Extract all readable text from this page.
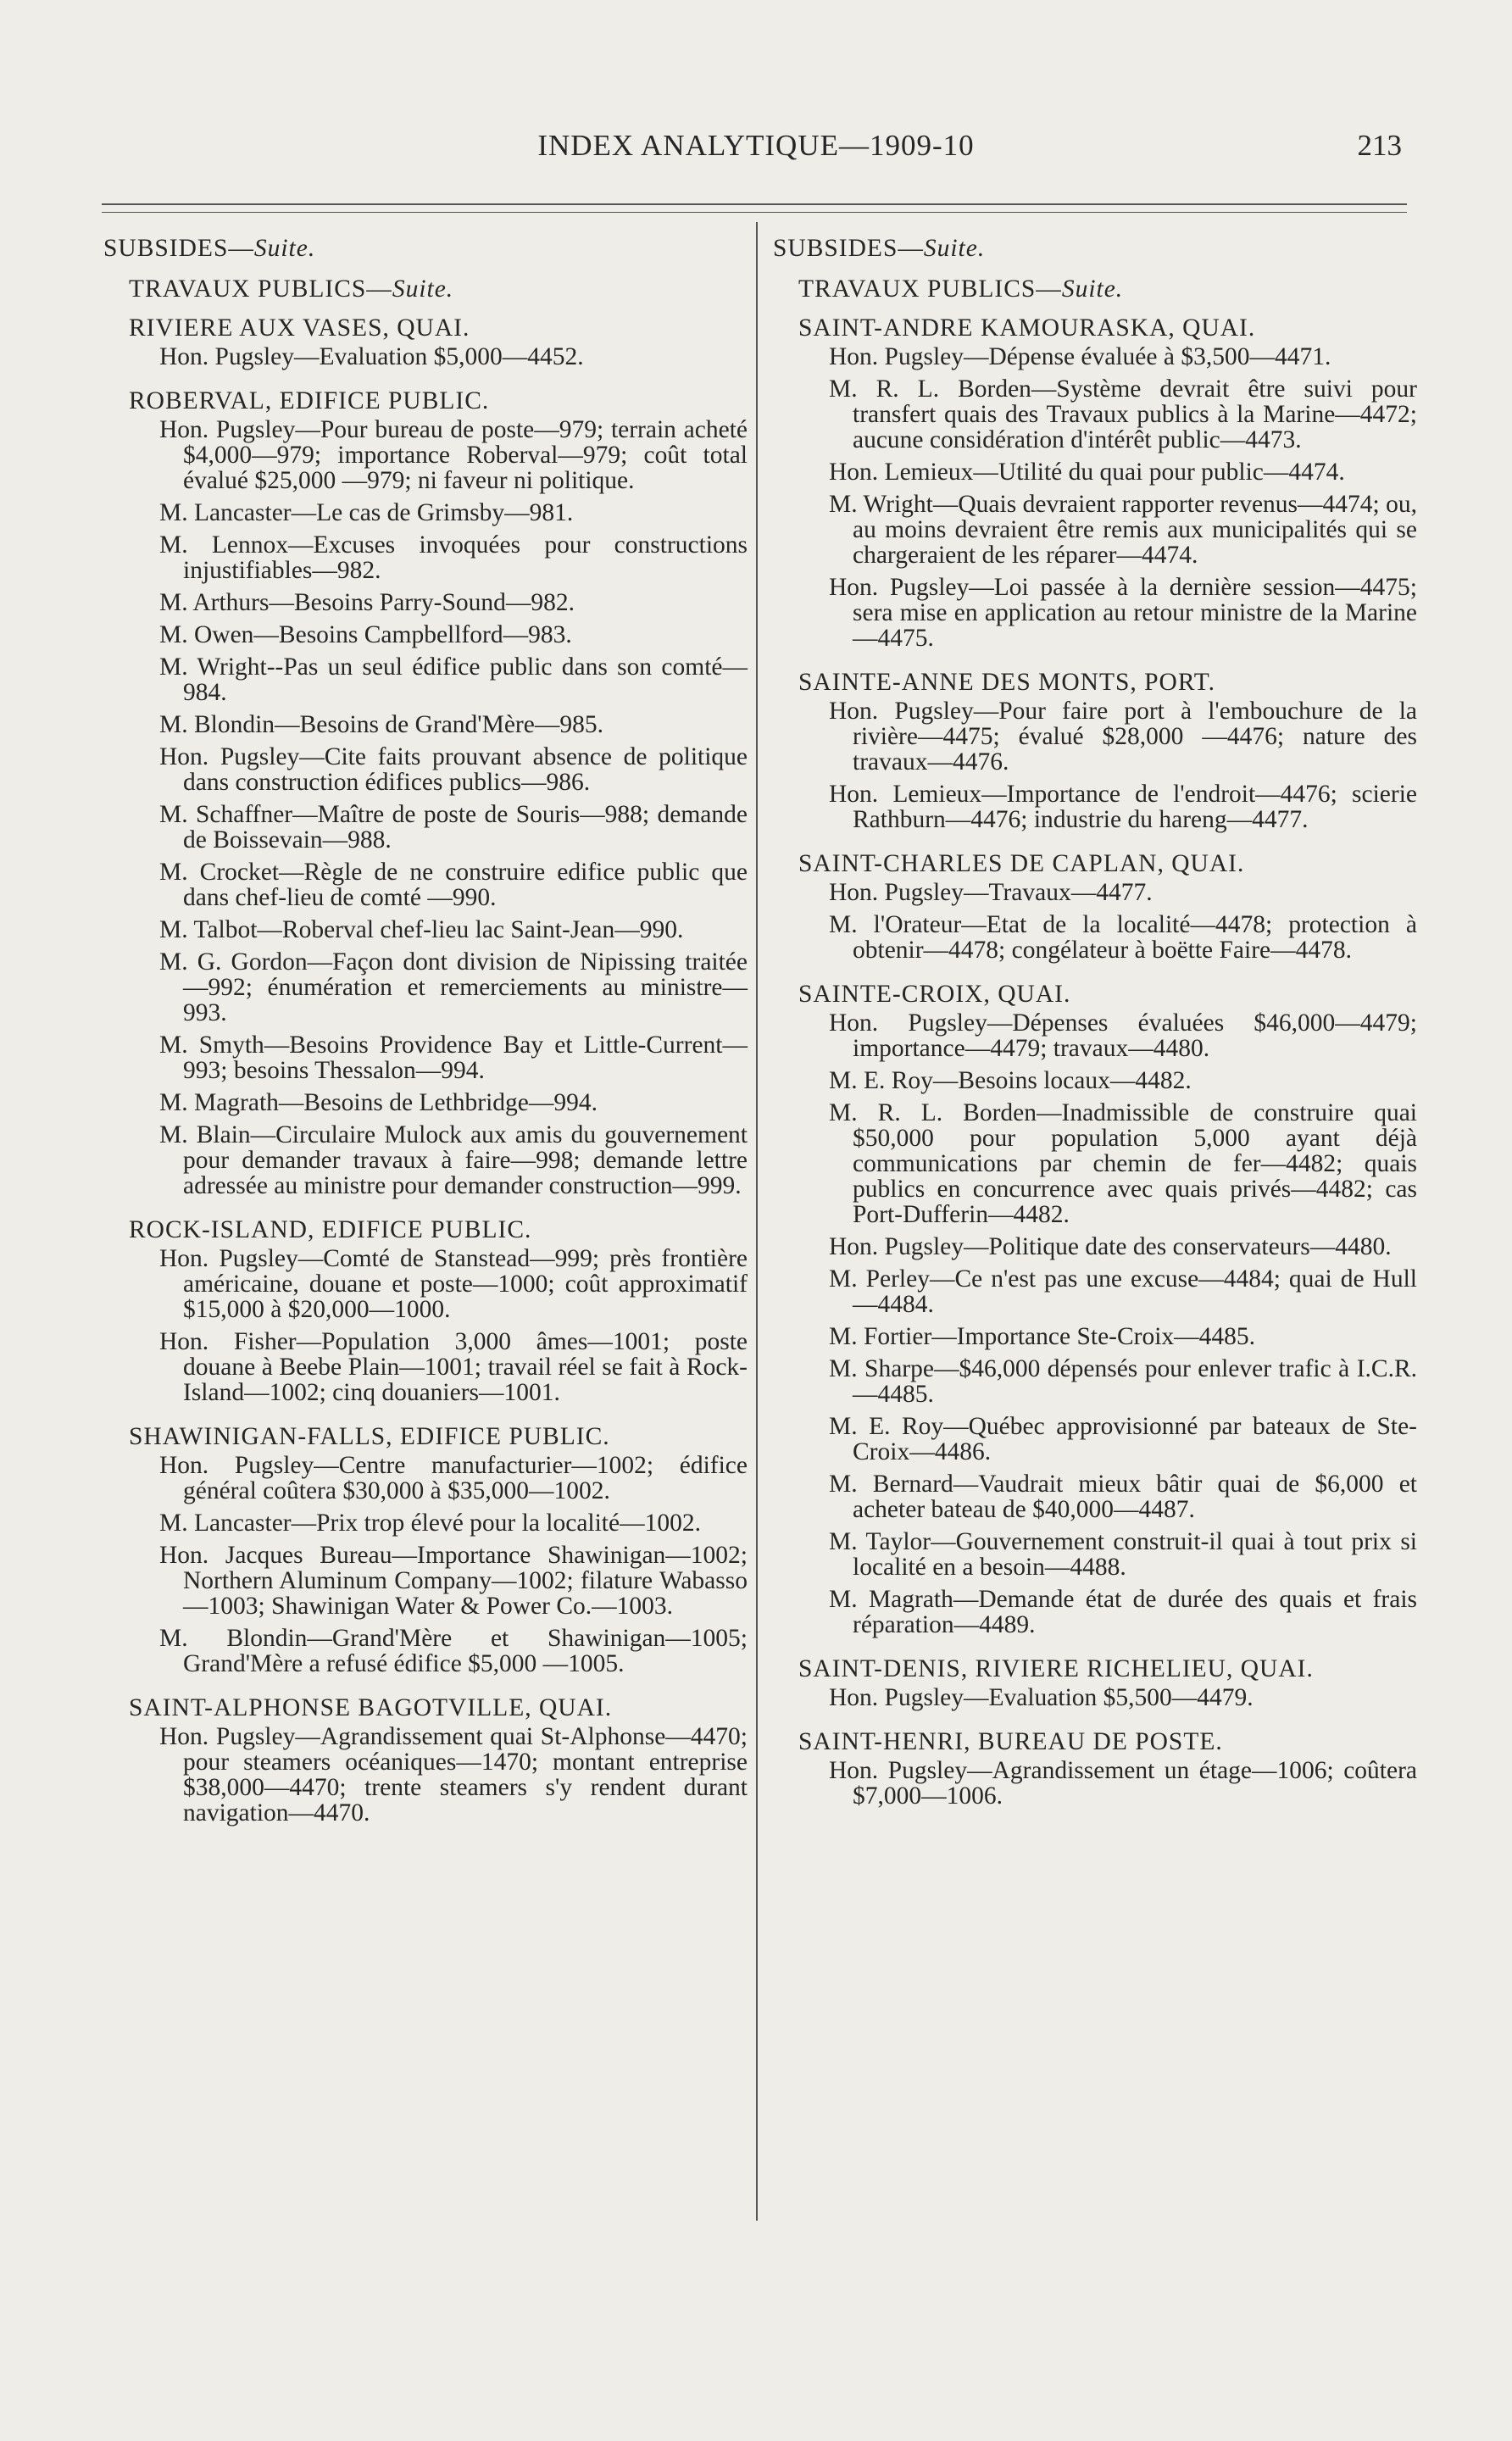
INDEX ANALYTIQUE—1909-10	213
SUBSIDES—Suite.
TRAVAUX PUBLICS—Suite.
RIVIERE AUX VASES, QUAI.
Hon. Pugsley—Evaluation $5,000—4452.
ROBERVAL, EDIFICE PUBLIC.
Hon. Pugsley—Pour bureau de poste—979; terrain acheté $4,000—979; importance Roberval—979; coût total évalué $25,000 —979; ni faveur ni politique.
M. Lancaster—Le cas de Grimsby—981.
M. Lennox—Excuses invoquées pour constructions injustifiables—982.
M. Arthurs—Besoins Parry-Sound—982.
M. Owen—Besoins Campbellford—983.
M. Wright--Pas un seul édifice public dans son comté—984.
M. Blondin—Besoins de Grand'Mère—985.
Hon. Pugsley—Cite faits prouvant absence de politique dans construction édifices publics—986.
M. Schaffner—Maître de poste de Souris—988; demande de Boissevain—988.
M. Crocket—Règle de ne construire edifice public que dans chef-lieu de comté —990.
M. Talbot—Roberval chef-lieu lac Saint-Jean—990.
M. G. Gordon—Façon dont division de Nipissing traitée—992; énumération et remerciements au ministre—993.
M. Smyth—Besoins Providence Bay et Little-Current—993; besoins Thessalon—994.
M. Magrath—Besoins de Lethbridge—994.
M. Blain—Circulaire Mulock aux amis du gouvernement pour demander travaux à faire—998; demande lettre adressée au ministre pour demander construction—999.
ROCK-ISLAND, EDIFICE PUBLIC.
Hon. Pugsley—Comté de Stanstead—999; près frontière américaine, douane et poste—1000; coût approximatif $15,000 à $20,000—1000.
Hon. Fisher—Population 3,000 âmes—1001; poste douane à Beebe Plain—1001; travail réel se fait à Rock-Island—1002; cinq douaniers—1001.
SHAWINIGAN-FALLS, EDIFICE PUBLIC.
Hon. Pugsley—Centre manufacturier—1002; édifice général coûtera $30,000 à $35,000—1002.
M. Lancaster—Prix trop élevé pour la localité—1002.
Hon. Jacques Bureau—Importance Shawinigan—1002; Northern Aluminum Company—1002; filature Wabasso—1003; Shawinigan Water & Power Co.—1003.
M. Blondin—Grand'Mère et Shawinigan—1005; Grand'Mère a refusé édifice $5,000 —1005.
SAINT-ALPHONSE BAGOTVILLE, QUAI.
Hon. Pugsley—Agrandissement quai St-Alphonse—4470; pour steamers océaniques—1470; montant entreprise $38,000—4470; trente steamers s'y rendent durant navigation—4470.
SUBSIDES—Suite.
TRAVAUX PUBLICS—Suite.
SAINT-ANDRE KAMOURASKA, QUAI.
Hon. Pugsley—Dépense évaluée à $3,500—4471.
M. R. L. Borden—Système devrait être suivi pour transfert quais des Travaux publics à la Marine—4472; aucune considération d'intérêt public—4473.
Hon. Lemieux—Utilité du quai pour public—4474.
M. Wright—Quais devraient rapporter revenus—4474; ou, au moins devraient être remis aux municipalités qui se chargeraient de les réparer—4474.
Hon. Pugsley—Loi passée à la dernière session—4475; sera mise en application au retour ministre de la Marine—4475.
SAINTE-ANNE DES MONTS, PORT.
Hon. Pugsley—Pour faire port à l'embouchure de la rivière—4475; évalué $28,000 —4476; nature des travaux—4476.
Hon. Lemieux—Importance de l'endroit—4476; scierie Rathburn—4476; industrie du hareng—4477.
SAINT-CHARLES DE CAPLAN, QUAI.
Hon. Pugsley—Travaux—4477.
M. l'Orateur—Etat de la localité—4478; protection à obtenir—4478; congélateur à boëtte Faire—4478.
SAINTE-CROIX, QUAI.
Hon. Pugsley—Dépenses évaluées $46,000—4479; importance—4479; travaux—4480.
M. E. Roy—Besoins locaux—4482.
M. R. L. Borden—Inadmissible de construire quai $50,000 pour population 5,000 ayant déjà communications par chemin de fer—4482; quais publics en concurrence avec quais privés—4482; cas Port-Dufferin—4482.
Hon. Pugsley—Politique date des conservateurs—4480.
M. Perley—Ce n'est pas une excuse—4484; quai de Hull—4484.
M. Fortier—Importance Ste-Croix—4485.
M. Sharpe—$46,000 dépensés pour enlever trafic à I.C.R.—4485.
M. E. Roy—Québec approvisionné par bateaux de Ste-Croix—4486.
M. Bernard—Vaudrait mieux bâtir quai de $6,000 et acheter bateau de $40,000—4487.
M. Taylor—Gouvernement construit-il quai à tout prix si localité en a besoin—4488.
M. Magrath—Demande état de durée des quais et frais réparation—4489.
SAINT-DENIS, RIVIERE RICHELIEU, QUAI.
Hon. Pugsley—Evaluation $5,500—4479.
SAINT-HENRI, BUREAU DE POSTE.
Hon. Pugsley—Agrandissement un étage—1006; coûtera $7,000—1006.
